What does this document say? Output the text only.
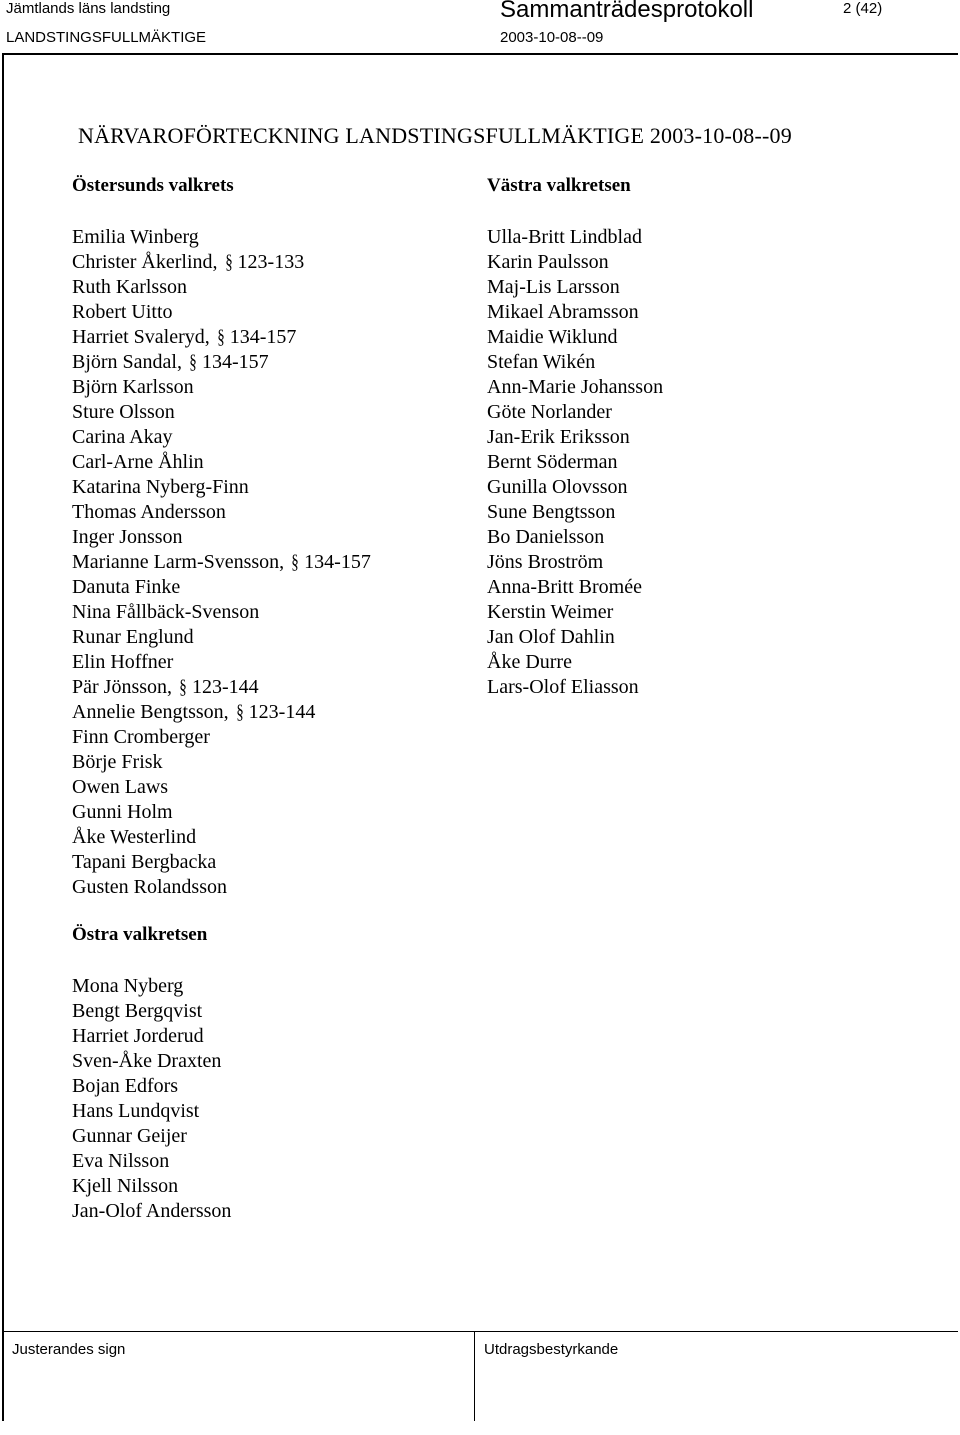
Jämtlands läns landsting	Sammanträdesprotokoll	2 (42)
LANDSTINGSFULLMÄKTIGE	2003-10-08--09
NÄRVAROFÖRTECKNING LANDSTINGSFULLMÄKTIGE 2003-10-08--09
Östersunds valkrets
Emilia Winberg
Christer Åkerlind, § 123-133
Ruth Karlsson
Robert Uitto
Harriet Svaleryd, § 134-157
Björn Sandal, § 134-157
Björn Karlsson
Sture Olsson
Carina Akay
Carl-Arne Åhlin
Katarina Nyberg-Finn
Thomas Andersson
Inger Jonsson
Marianne Larm-Svensson, § 134-157
Danuta Finke
Nina Fållbäck-Svenson
Runar Englund
Elin Hoffner
Pär Jönsson, § 123-144
Annelie Bengtsson, § 123-144
Finn Cromberger
Börje Frisk
Owen Laws
Gunni Holm
Åke Westerlind
Tapani Bergbacka
Gusten Rolandsson
Västra valkretsen
Ulla-Britt Lindblad
Karin Paulsson
Maj-Lis Larsson
Mikael Abramsson
Maidie Wiklund
Stefan Wikén
Ann-Marie Johansson
Göte Norlander
Jan-Erik Eriksson
Bernt Söderman
Gunilla Olovsson
Sune Bengtsson
Bo Danielsson
Jöns Broström
Anna-Britt Bromée
Kerstin Weimer
Jan Olof Dahlin
Åke Durre
Lars-Olof Eliasson
Östra valkretsen
Mona Nyberg
Bengt Bergqvist
Harriet Jorderud
Sven-Åke Draxten
Bojan Edfors
Hans Lundqvist
Gunnar Geijer
Eva Nilsson
Kjell Nilsson
Jan-Olof Andersson
Justerandes sign	Utdragsbestyrkande
